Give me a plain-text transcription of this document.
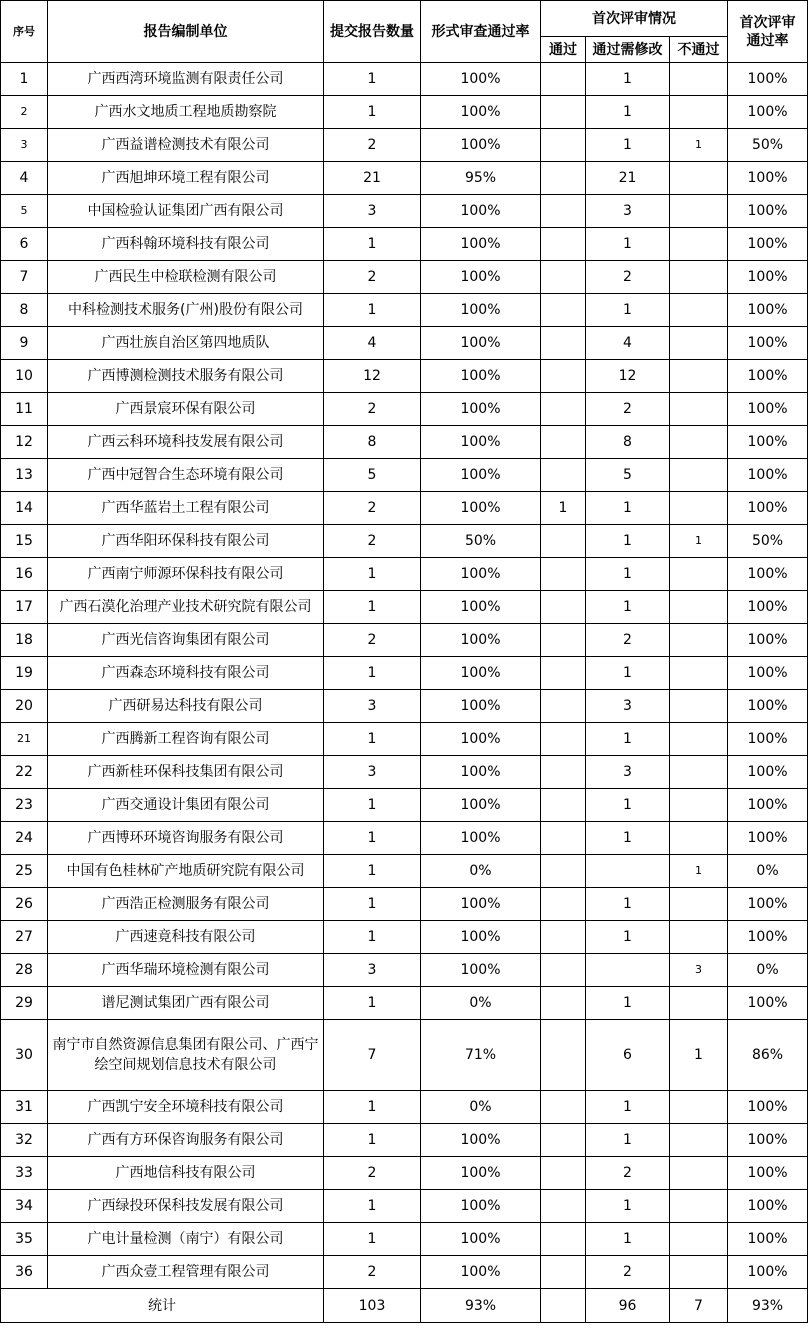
序号	报告编制单位	提交报告数量	形式审查通过率	首次评审情况			首次评审
通过率

				通过	通过需修改	不通过	
1	广西西湾环境监测有限责任公司	1	100%		1		100%
2	广西水文地质工程地质勘察院	1	100%		1		100%
3	广西益谱检测技术有限公司	2	100%		1	1	50%
4	广西旭坤环境工程有限公司	21	95%		21		100%
5	中国检验认证集团广西有限公司	3	100%		3		100%
6	广西科翰环境科技有限公司	1	100%		1		100%
7	广西民生中检联检测有限公司	2	100%		2		100%
8	中科检测技术服务(广州)股份有限公司	1	100%		1		100%
9	广西壮族自治区第四地质队	4	100%		4		100%
10	广西博测检测技术服务有限公司	12	100%		12		100%
11	广西景宸环保有限公司	2	100%		2		100%
12	广西云科环境科技发展有限公司	8	100%		8		100%
13	广西中冠智合生态环境有限公司	5	100%		5		100%
14	广西华蓝岩土工程有限公司	2	100%	1	1		100%
15	广西华阳环保科技有限公司	2	50%		1	1	50%
16	广西南宁师源环保科技有限公司	1	100%		1		100%
17	广西石漠化治理产业技术研究院有限公司	1	100%		1		100%
18	广西光信咨询集团有限公司	2	100%		2		100%
19	广西森态环境科技有限公司	1	100%		1		100%
20	广西研易达科技有限公司	3	100%		3		100%
21	广西腾新工程咨询有限公司	1	100%		1		100%
22	广西新桂环保科技集团有限公司	3	100%		3		100%
23	广西交通设计集团有限公司	1	100%		1		100%
24	广西博环环境咨询服务有限公司	1	100%		1		100%
25	中国有色桂林矿产地质研究院有限公司	1	0%			1	0%
26	广西浩正检测服务有限公司	1	100%		1		100%
27	广西速竟科技有限公司	1	100%		1		100%
28	广西华瑞环境检测有限公司	3	100%			3	0%
29	谱尼测试集团广西有限公司	1	0%		1		100%
30	南宁市自然资源信息集团有限公司、广西宁绘空间规划信息技术有限公司	7	71%		6	1	86%
31	广西凯宁安全环境科技有限公司	1	0%		1		100%
32	广西有方环保咨询服务有限公司	1	100%		1		100%
33	广西地信科技有限公司	2	100%		2		100%
34	广西绿投环保科技发展有限公司	1	100%		1		100%
35	广电计量检测（南宁）有限公司	1	100%		1		100%
36	广西众壹工程管理有限公司	2	100%		2		100%
统计		103	93%		96	7	93%
